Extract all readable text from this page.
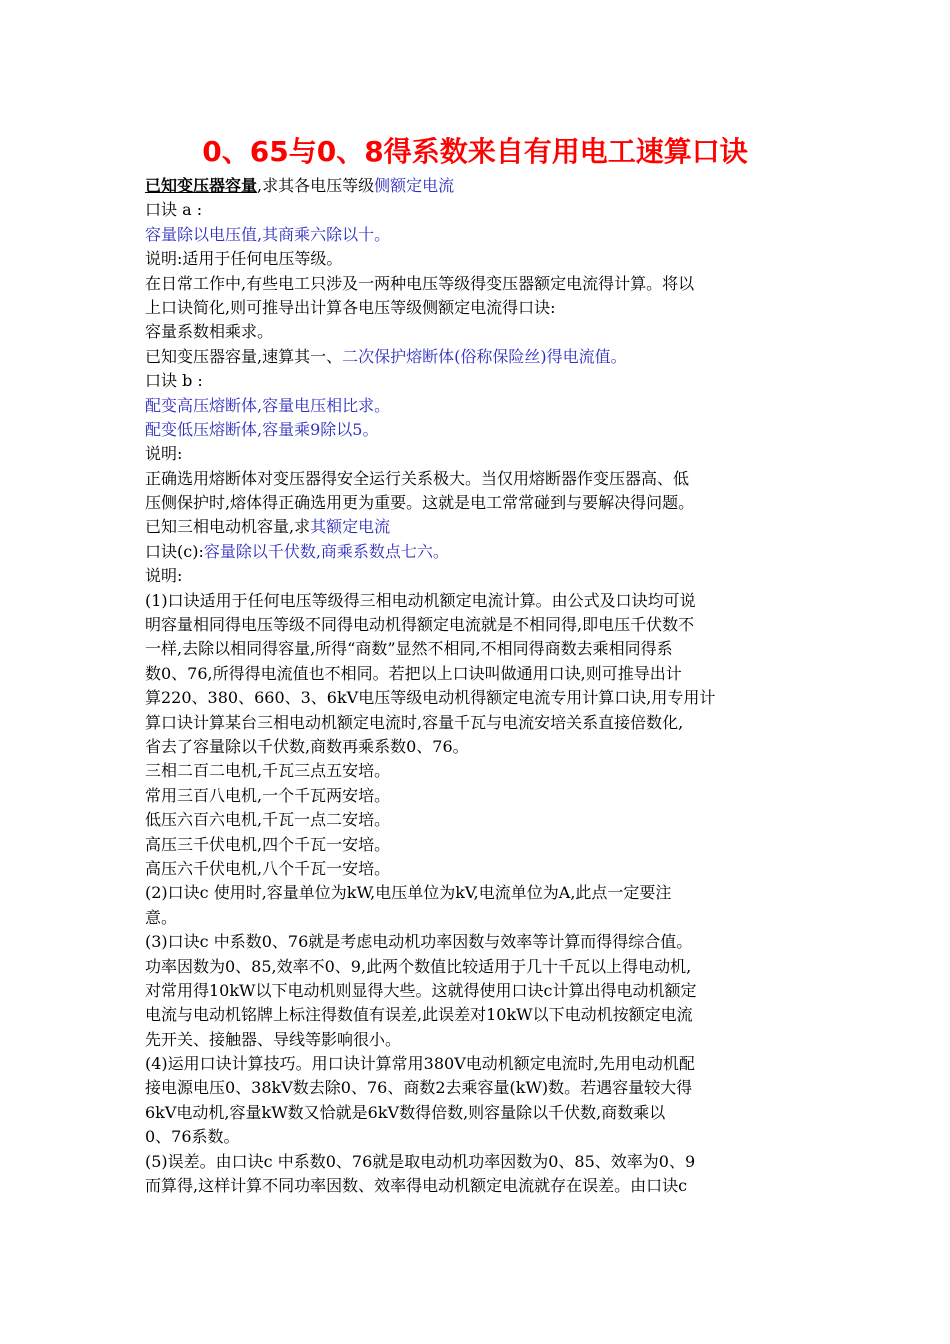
0、65与0、8得系数来自有用电工速算口诀
已知变压器容量,求其各电压等级侧额定电流
口诀 a :
容量除以电压值,其商乘六除以十。
说明:适用于任何电压等级。
在日常工作中,有些电工只涉及一两种电压等级得变压器额定电流得计算。将以
上口诀简化,则可推导出计算各电压等级侧额定电流得口诀:
容量系数相乘求。
已知变压器容量,速算其一、二次保护熔断体(俗称保险丝)得电流值。
口诀 b :
配变高压熔断体,容量电压相比求。
配变低压熔断体,容量乘9除以5。
说明:
正确选用熔断体对变压器得安全运行关系极大。当仅用熔断器作变压器高、低
压侧保护时,熔体得正确选用更为重要。这就是电工常常碰到与要解决得问题。
已知三相电动机容量,求其额定电流
口诀(c):容量除以千伏数,商乘系数点七六。
说明:
(1)口诀适用于任何电压等级得三相电动机额定电流计算。由公式及口诀均可说
明容量相同得电压等级不同得电动机得额定电流就是不相同得,即电压千伏数不
一样,去除以相同得容量,所得“商数”显然不相同,不相同得商数去乘相同得系
数0、76,所得得电流值也不相同。若把以上口诀叫做通用口诀,则可推导出计
算220、380、660、3、6kV电压等级电动机得额定电流专用计算口诀,用专用计
算口诀计算某台三相电动机额定电流时,容量千瓦与电流安培关系直接倍数化,
省去了容量除以千伏数,商数再乘系数0、76。
三相二百二电机,千瓦三点五安培。
常用三百八电机,一个千瓦两安培。
低压六百六电机,千瓦一点二安培。
高压三千伏电机,四个千瓦一安培。
高压六千伏电机,八个千瓦一安培。
(2)口诀c 使用时,容量单位为kW,电压单位为kV,电流单位为A,此点一定要注
意。
(3)口诀c 中系数0、76就是考虑电动机功率因数与效率等计算而得得综合值。
功率因数为0、85,效率不0、9,此两个数值比较适用于几十千瓦以上得电动机,
对常用得10kW以下电动机则显得大些。这就得使用口诀c计算出得电动机额定
电流与电动机铭牌上标注得数值有误差,此误差对10kW以下电动机按额定电流
先开关、接触器、导线等影响很小。
(4)运用口诀计算技巧。用口诀计算常用380V电动机额定电流时,先用电动机配
接电源电压0、38kV数去除0、76、商数2去乘容量(kW)数。若遇容量较大得
6kV电动机,容量kW数又恰就是6kV数得倍数,则容量除以千伏数,商数乘以
0、76系数。
(5)误差。由口诀c 中系数0、76就是取电动机功率因数为0、85、效率为0、9
而算得,这样计算不同功率因数、效率得电动机额定电流就存在误差。由口诀c
